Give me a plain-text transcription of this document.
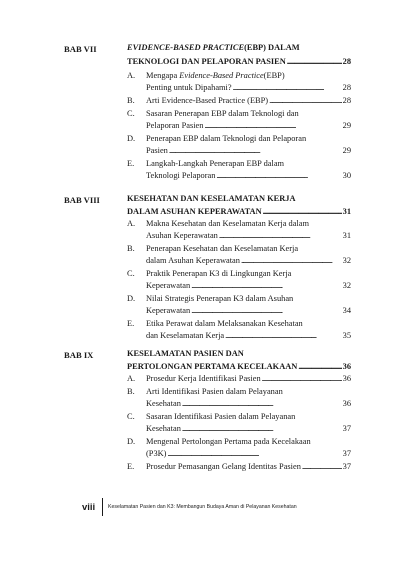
BAB VII	EVIDENCE-BASED PRACTICE (EBP) DALAM
TEKNOLOGI DAN PELAPORAN PASIEN . . .	28
A. Mengapa
Evidence-Based Practice (EBP)
Penting untuk Dipahami? . . .	28
B. Arti Evidence-Based Practice (EBP) . . .	28
C. Sasaran Penerapan EBP dalam Teknologi dan
Pelaporan Pasien . . .	29
D. Penerapan EBP dalam Teknologi dan Pelaporan
Pasien . . .	29
E. Langkah-Langkah Penerapan EBP dalam
Teknologi Pelaporan . . .	30
BAB VIII	KESEHATAN DAN KESELAMATAN KERJA
DALAM ASUHAN KEPERAWATAN . . .	31
A. Makna Kesehatan dan Keselamatan Kerja dalam
Asuhan Keperawatan . . .	31
B. Penerapan Kesehatan dan Keselamatan Kerja
dalam Asuhan Keperawatan . . .	32
C. Praktik Penerapan K3 di Lingkungan Kerja
Keperawatan . . .	32
D. Nilai Strategis Penerapan K3 dalam Asuhan
Keperawatan . . .	34
E. Etika Perawat dalam Melaksanakan Kesehatan
dan Keselamatan Kerja . . .	35
BAB IX	KESELAMATAN PASIEN DAN
PERTOLONGAN PERTAMA KECELAKAAN . . .	36
A. Prosedur Kerja Identifikasi Pasien . . .	36
B. Arti Identifikasi Pasien dalam Pelayanan
Kesehatan . . .	36
C. Sasaran Identifikasi Pasien dalam Pelayanan
Kesehatan . . .	37
D. Mengenal Pertolongan Pertama pada Kecelakaan
(P3K) . . .	37
E. Prosedur Pemasangan Gelang Identitas Pasien . . .	37
viii Keselamatan Pasien dan K3: Membangun Budaya Aman di Pelayanan Kesehatan
